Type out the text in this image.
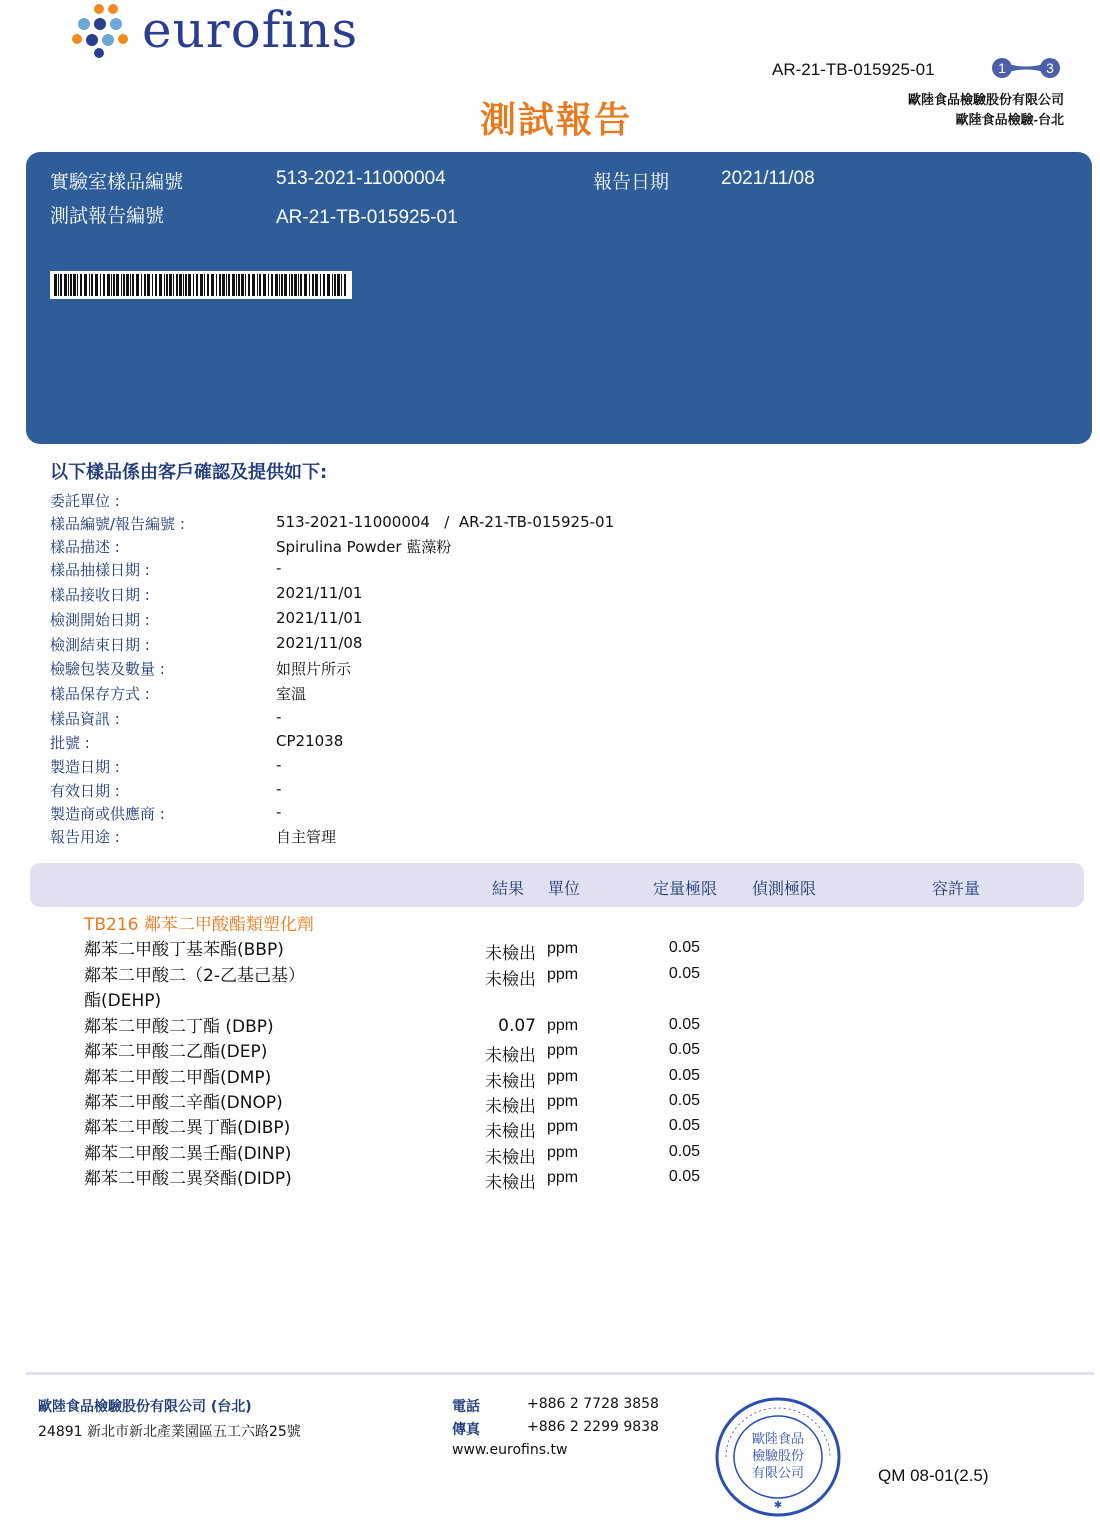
eurofins
AR-21-TB-015925-01	1	3
歐陸食品檢驗股份有限公司
歐陸食品檢驗-台北
測試報告
實驗室樣品編號	513-2021-11000004	報告日期	2021/11/08
測試報告編號	AR-21-TB-015925-01
以下樣品係由客戶確認及提供如下:
委託單位 :
樣品編號/報告編號 :	513-2021-11000004   /  AR-21-TB-015925-01
樣品描述 :	Spirulina Powder 藍藻粉
樣品抽樣日期 :	-
樣品接收日期 :	2021/11/01
檢測開始日期 :	2021/11/01
檢測結束日期 :	2021/11/08
檢驗包裝及數量 :	如照片所示
樣品保存方式 :	室溫
樣品資訊 :	-
批號 :	CP21038
製造日期 :	-
有效日期 :	-
製造商或供應商 :	-
報告用途 :	自主管理
結果 單位	定量極限 偵測極限	容許量
TB216 鄰苯二甲酸酯類塑化劑
鄰苯二甲酸丁基苯酯(BBP)	未檢出 ppm	0.05
鄰苯二甲酸二（2-乙基己基）
酯(DEHP)
未檢出 ppm	0.05
鄰苯二甲酸二丁酯 (DBP)	0.07 ppm	0.05
鄰苯二甲酸二乙酯(DEP)	未檢出 ppm	0.05
鄰苯二甲酸二甲酯(DMP)	未檢出 ppm	0.05
鄰苯二甲酸二辛酯(DNOP)	未檢出 ppm	0.05
鄰苯二甲酸二異丁酯(DIBP)	未檢出 ppm	0.05
鄰苯二甲酸二異壬酯(DINP)	未檢出 ppm	0.05
鄰苯二甲酸二異癸酯(DIDP)	未檢出 ppm	0.05
歐陸食品檢驗股份有限公司 (台北)
24891 新北市新北產業園區五工六路25號
電話	+886 2 7728 3858
傳真	+886 2 2299 9838
www.eurofins.tw
歐陸食品
檢驗股份
有限公司
✱
QM 08-01(2.5)
